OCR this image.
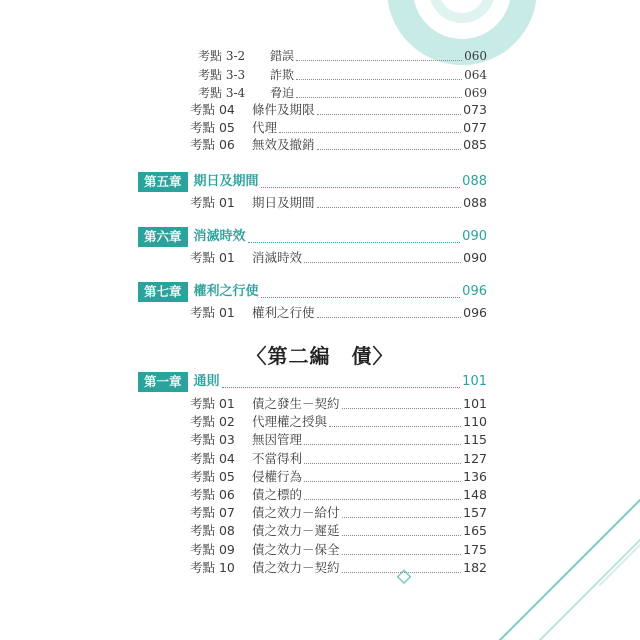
考點 3-2	錯誤	060
考點 3-3	詐欺	064
考點 3-4	脅迫	069
考點 04	條件及期限	073
考點 05	代理	077
考點 06	無效及撤銷	085
第五章 期日及期間	088
考點 01	期日及期間	088
第六章 消滅時效	090
考點 01	消滅時效	090
第七章 權利之行使	096
考點 01	權利之行使	096
第一章 通則	101
考點 01	債之發生－契約	101
考點 02	代理權之授與	110
考點 03	無因管理	115
考點 04	不當得利	127
考點 05	侵權行為	136
考點 06	債之標的	148
考點 07	債之效力－給付	157
考點 08	債之效力－遲延	165
考點 09	債之效力－保全	175
考點 10	債之效力－契約	182
〈第二編　債〉
